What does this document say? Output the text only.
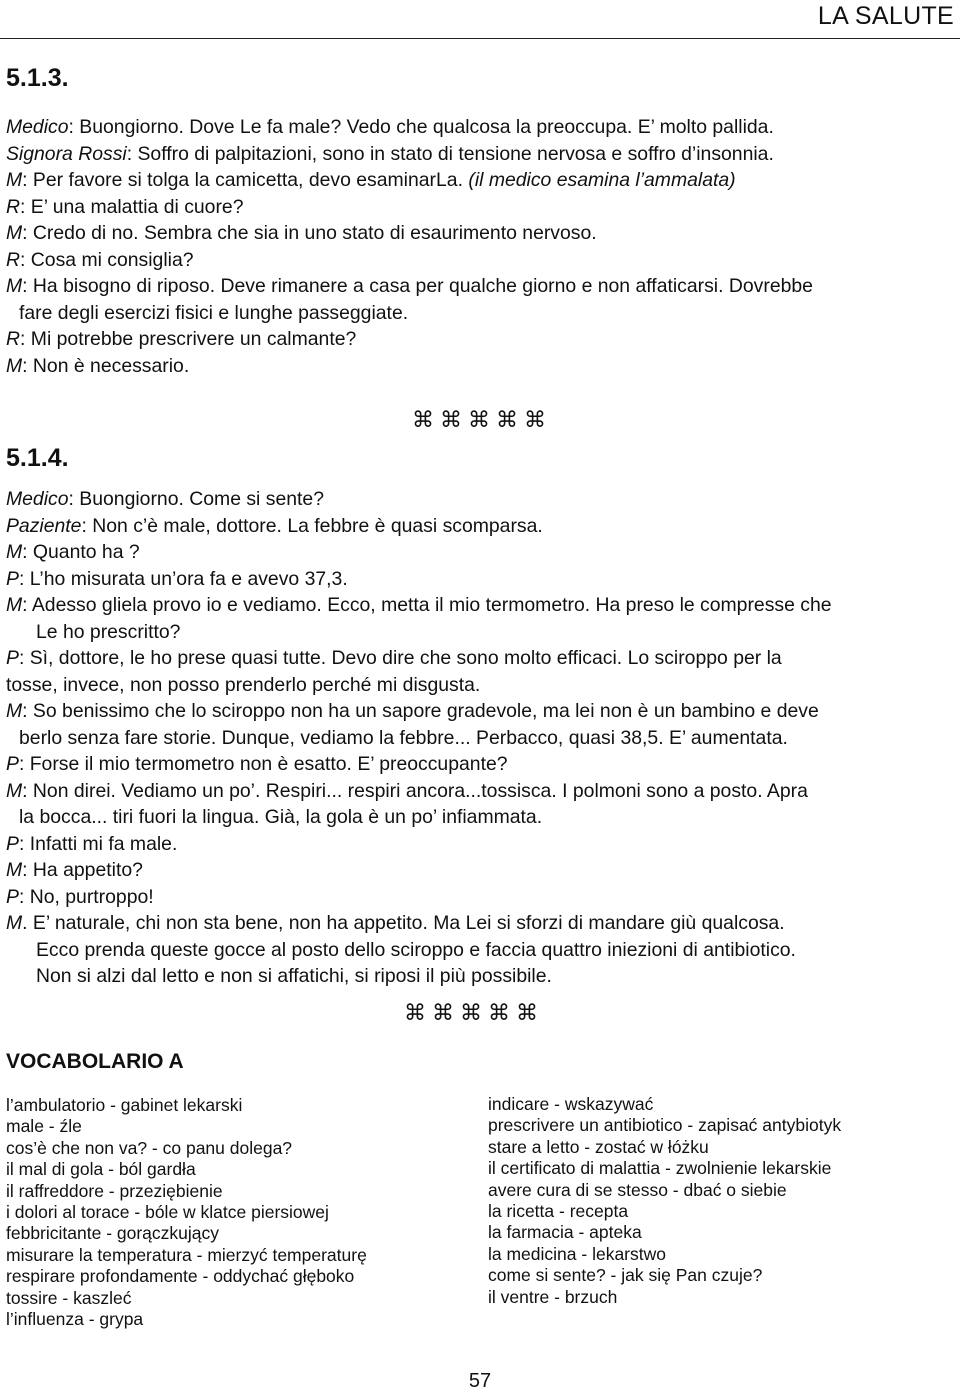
LA SALUTE
5.1.3.
Medico: Buongiorno. Dove Le fa male? Vedo che qualcosa la preoccupa. E’ molto pallida.
Signora Rossi: Soffro di palpitazioni, sono in stato di tensione nervosa e soffro d’insonnia.
M: Per favore si tolga la camicetta, devo esaminarLa. (il medico esamina l’ammalata)
R: E’ una malattia di cuore?
M: Credo di no. Sembra che sia in uno stato di esaurimento nervoso.
R: Cosa mi consiglia?
M: Ha bisogno di riposo. Deve rimanere a casa per qualche giorno e non affaticarsi. Dovrebbe
fare degli esercizi fisici e lunghe passeggiate.
R: Mi potrebbe prescrivere un calmante?
M: Non è necessario.
⌘⌘⌘⌘⌘
5.1.4.
Medico: Buongiorno. Come si sente?
Paziente: Non c’è male, dottore. La febbre è quasi scomparsa.
M: Quanto ha ?
P: L’ho misurata un’ora fa e avevo 37,3.
M: Adesso gliela provo io e vediamo. Ecco, metta il mio termometro. Ha preso le compresse che
Le ho prescritto?
P: Sì, dottore, le ho prese quasi tutte. Devo dire che sono molto efficaci. Lo sciroppo per la
tosse, invece, non posso prenderlo perché mi disgusta.
M: So benissimo che lo sciroppo non ha un sapore gradevole, ma lei non è un bambino e deve
berlo senza fare storie. Dunque, vediamo la febbre... Perbacco, quasi 38,5. E’ aumentata.
P: Forse il mio termometro non è esatto. E’ preoccupante?
M: Non direi. Vediamo un po’. Respiri... respiri ancora...tossisca. I polmoni sono a posto. Apra
la bocca... tiri fuori la lingua. Già, la gola è un po’ infiammata.
P: Infatti mi fa male.
M: Ha appetito?
P: No, purtroppo!
M. E’ naturale, chi non sta bene, non ha appetito. Ma Lei si sforzi di mandare giù qualcosa.
Ecco prenda queste gocce al posto dello sciroppo e faccia quattro iniezioni di antibiotico.
Non si alzi dal letto e non si affatichi, si riposi il più possibile.
⌘⌘⌘⌘⌘
VOCABOLARIO A
l’ambulatorio - gabinet lekarski
male - źle
cos’è che non va? - co panu dolega?
il mal di gola - ból gardła
il raffreddore - przeziębienie
i dolori al torace - bóle w klatce piersiowej
febbricitante - gorączkujący
misurare la temperatura - mierzyć temperaturę
respirare profondamente - oddychać głęboko
tossire - kaszleć
l’influenza - grypa
indicare - wskazywać
prescrivere un antibiotico - zapisać antybiotyk
stare a letto - zostać w łóżku
il certificato di malattia - zwolnienie lekarskie
avere cura di se stesso - dbać o siebie
la ricetta - recepta
la farmacia - apteka
la medicina - lekarstwo
come si sente? - jak się Pan czuje?
il ventre - brzuch
57
